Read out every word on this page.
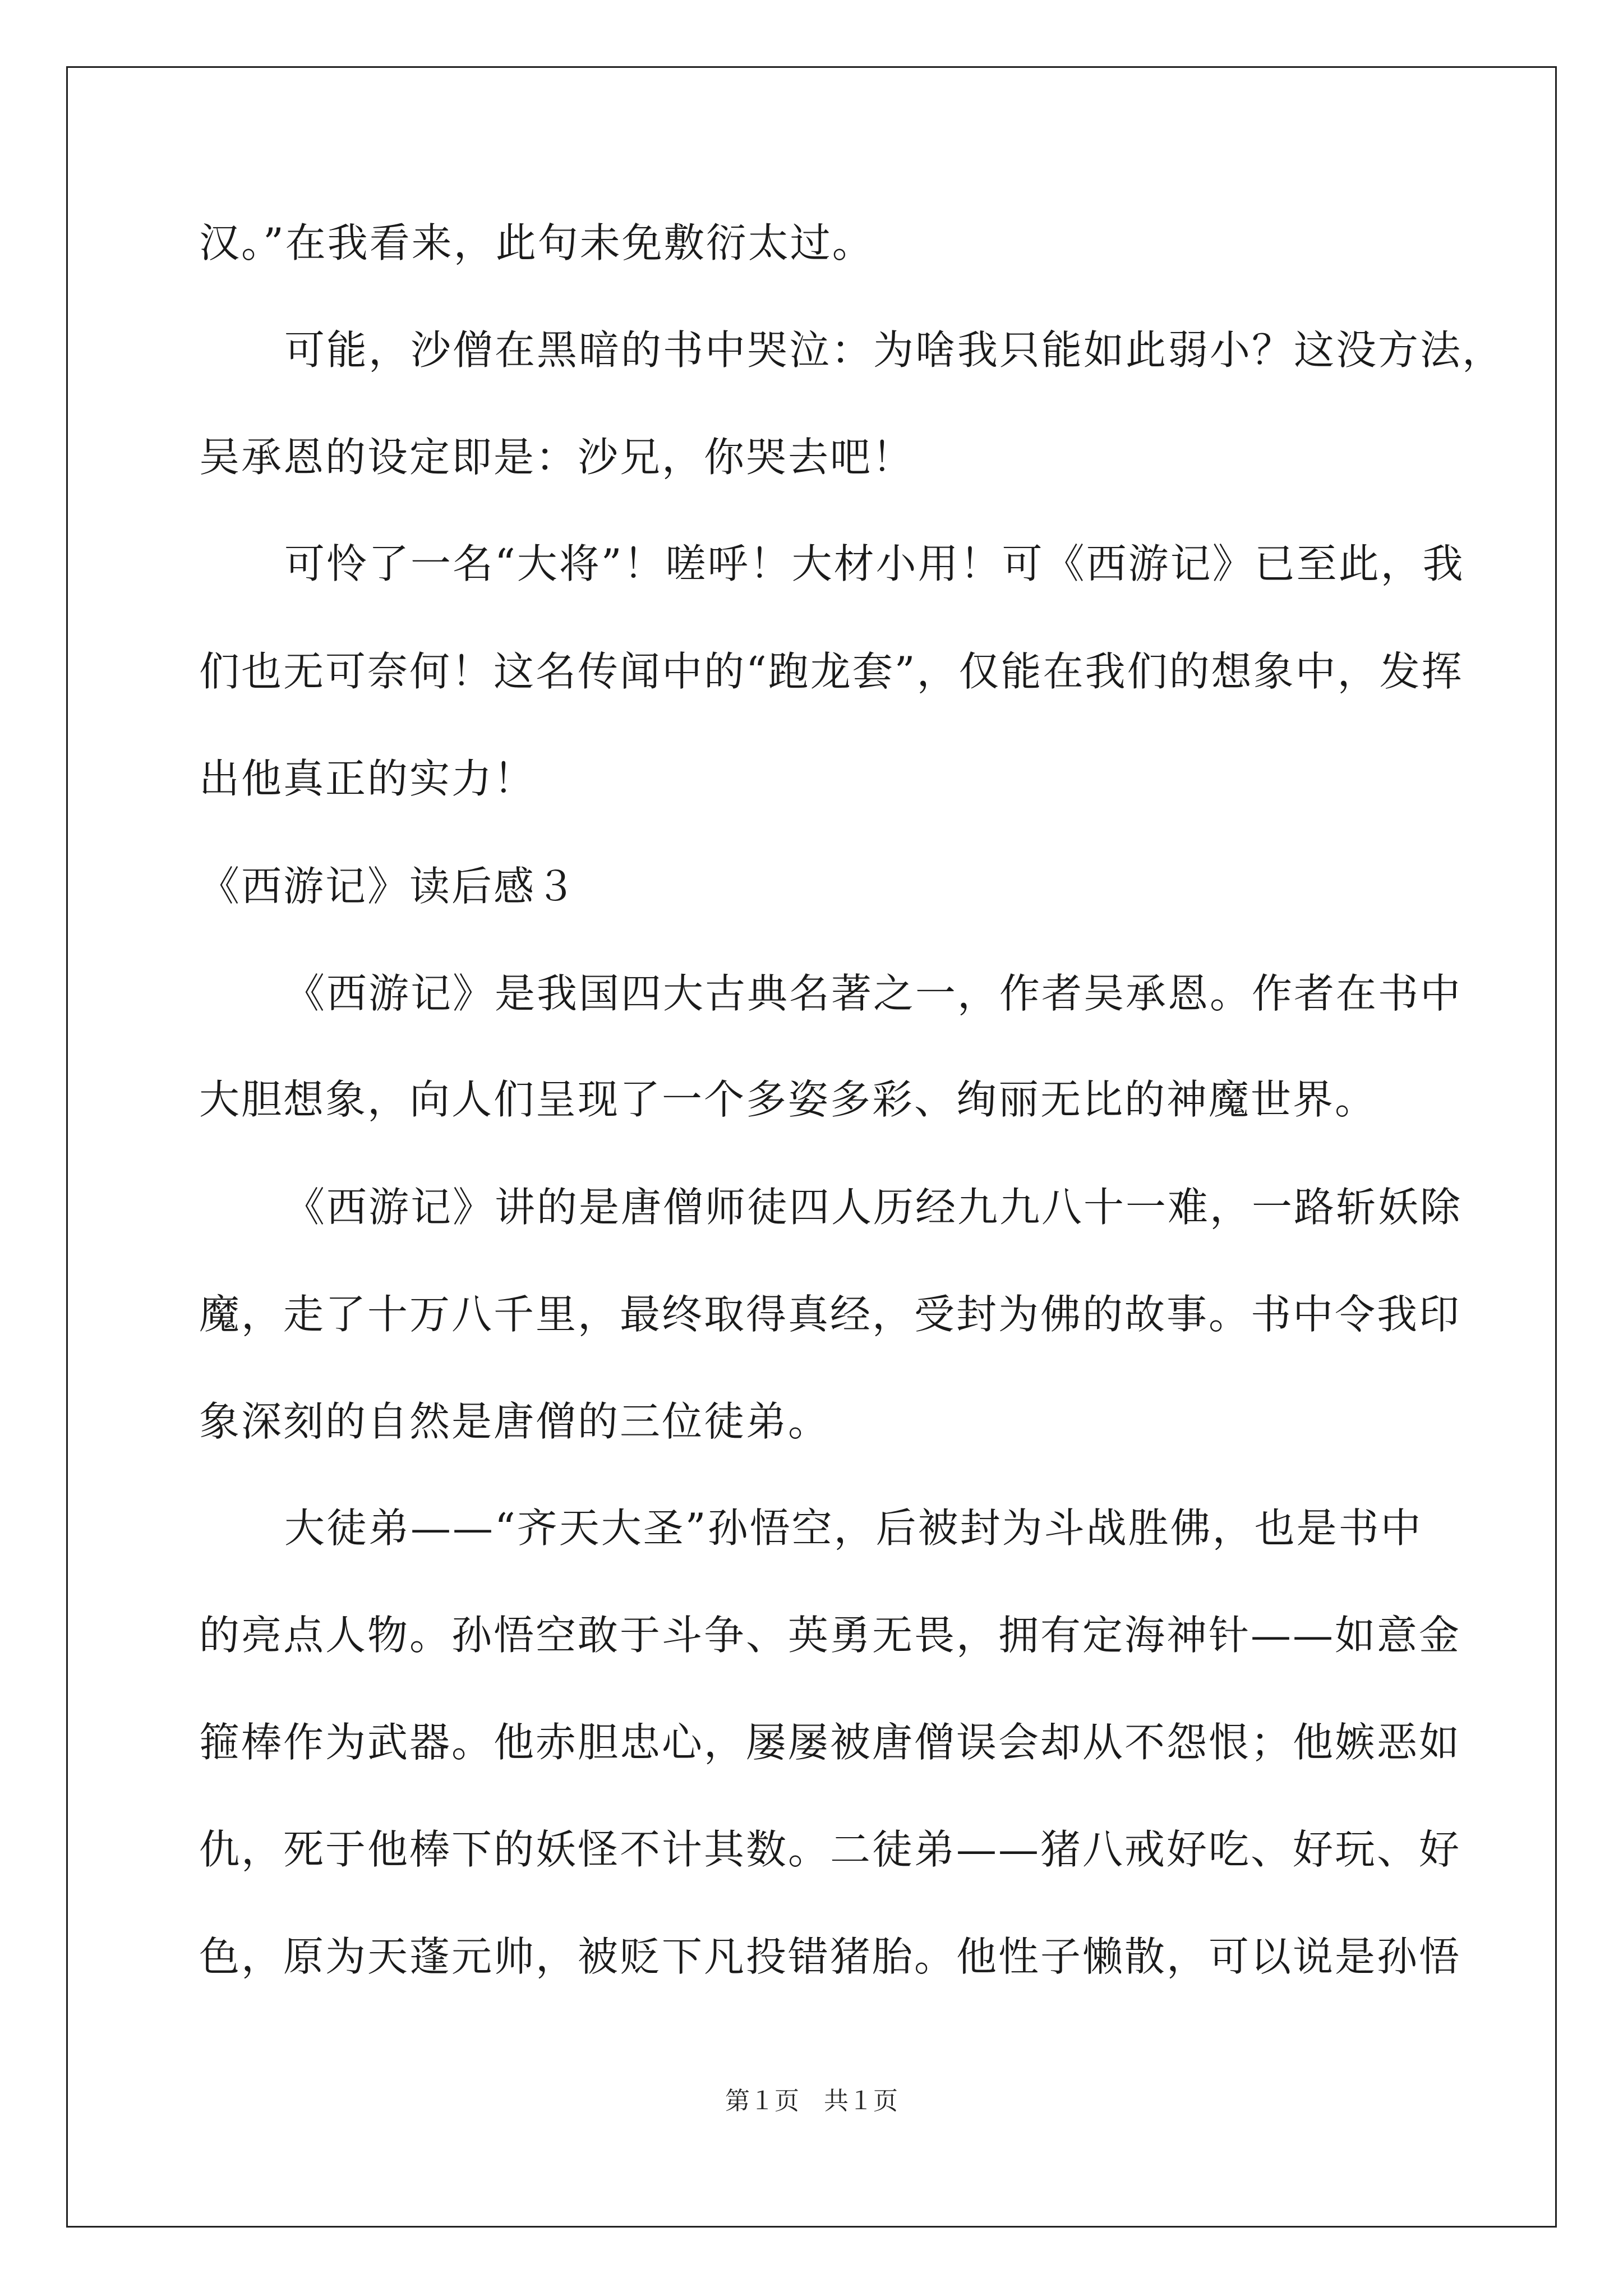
汉。”在我看来，此句未免敷衍太过。
可能，沙僧在黑暗的书中哭泣：为啥我只能如此弱小？这没方法，
吴承恩的设定即是：沙兄，你哭去吧！
可怜了一名“大将”！嗟呼！大材小用！可《西游记》已至此，我
们也无可奈何！这名传闻中的“跑龙套”，仅能在我们的想象中，发挥
出他真正的实力！
《西游记》读后感３
《西游记》是我国四大古典名著之一，作者吴承恩。作者在书中
大胆想象，向人们呈现了一个多姿多彩、绚丽无比的神魔世界。
《西游记》讲的是唐僧师徒四人历经九九八十一难，一路斩妖除
魔，走了十万八千里，最终取得真经，受封为佛的故事。书中令我印
象深刻的自然是唐僧的三位徒弟。
大徒弟——“齐天大圣”孙悟空，后被封为斗战胜佛，也是书中
的亮点人物。孙悟空敢于斗争、英勇无畏，拥有定海神针——如意金
箍棒作为武器。他赤胆忠心，屡屡被唐僧误会却从不怨恨；他嫉恶如
仇，死于他棒下的妖怪不计其数。二徒弟——猪八戒好吃、好玩、好
色，原为天蓬元帅，被贬下凡投错猪胎。他性子懒散，可以说是孙悟
第１页　共１页
